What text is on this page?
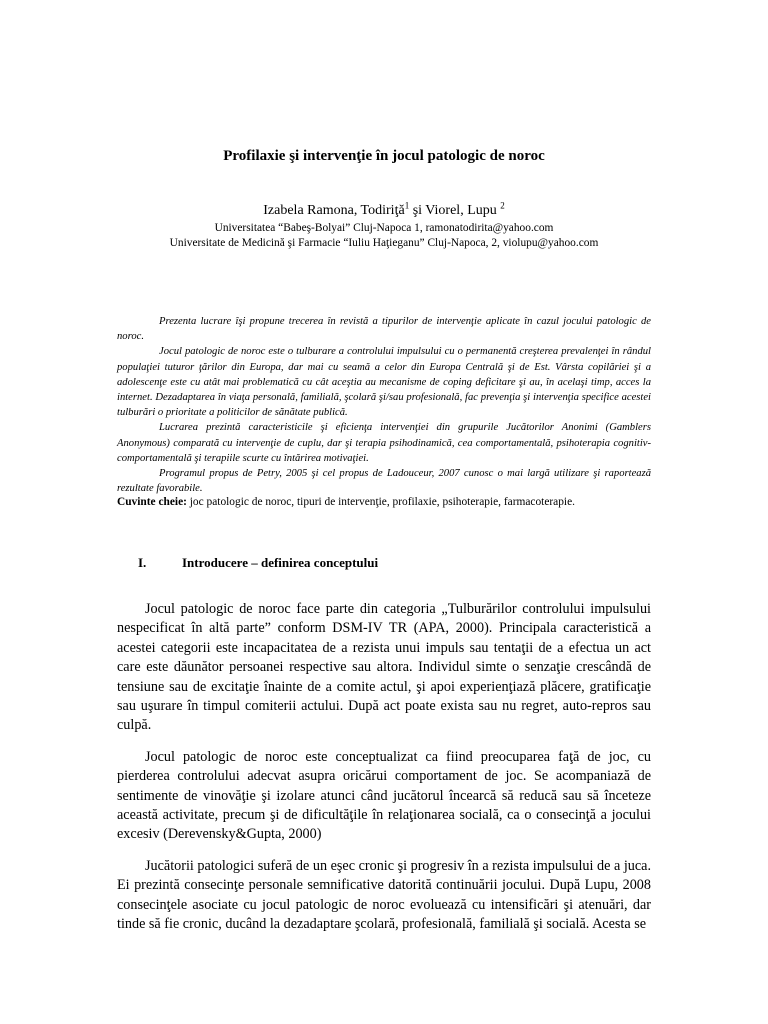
Profilaxie şi intervenţie în jocul patologic de noroc
Izabela Ramona, Todiriţă$^1$ şi Viorel, Lupu $^2$
Universitatea “Babeş-Bolyai” Cluj-Napoca 1, ramonatodirita@yahoo.com
Universitate de Medicină şi Farmacie “Iuliu Haţieganu” Cluj-Napoca, 2, violupu@yahoo.com

Prezenta lucrare îşi propune trecerea în revistă a tipurilor de intervenţie aplicate în cazul jocului patologic de noroc.

Jocul patologic de noroc este o tulburare a controlului impulsului cu o permanentă creşterea prevalenţei în rândul populaţiei tuturor ţărilor din Europa, dar mai cu seamă a celor din Europa Centrală şi de Est. Vârsta copilăriei şi a adolescenţe este cu atât mai problematică cu cât aceştia au mecanisme de coping deficitare şi au, în acelaşi timp, acces la internet. Dezadaptarea în viaţa personală, familială, şcolară şi/sau profesională, fac prevenţia şi intervenţia specifice acestei tulburări o prioritate a politicilor de sănătate publică.

Lucrarea prezintă caracteristicile şi eficienţa intervenţiei din grupurile Jucătorilor Anonimi (Gamblers Anonymous) comparată cu intervenţie de cuplu, dar şi terapia psihodinamică, cea comportamentală, psihoterapia cognitiv-comportamentală şi terapiile scurte cu întărirea motivaţiei.

Programul propus de Petry, 2005 şi cel propus de Ladouceur, 2007 cunosc o mai largă utilizare şi raportează rezultate favorabile.

Cuvinte cheie: joc patologic de noroc, tipuri de intervenţie, profilaxie, psihoterapie, farmacoterapie.
I.	Introducere – definirea conceptului

Jocul patologic de noroc face parte din categoria „Tulburărilor controlului impulsului nespecificat în altă parte” conform DSM-IV TR (APA, 2000). Principala caracteristică a acestei categorii este incapacitatea de a rezista unui impuls sau tentaţii de a efectua un act care este dăunător persoanei respective sau altora. Individul simte o senzaţie crescândă de tensiune sau de excitaţie înainte de a comite actul, şi apoi experienţiază plăcere, gratificaţie sau uşurare în timpul comiterii actului. După act poate exista sau nu regret, auto-repros sau culpă.

Jocul patologic de noroc este conceptualizat ca fiind preocuparea faţă de joc, cu pierderea controlului adecvat asupra oricărui comportament de joc. Se acompaniază de sentimente de vinovăţie şi izolare atunci când jucătorul încearcă să reducă sau să înceteze această activitate, precum şi de dificultăţile în relaţionarea socială, ca o consecinţă a jocului excesiv (Derevensky&Gupta, 2000)

Jucătorii patologici suferă de un eşec cronic şi progresiv în a rezista impulsului de a juca. Ei prezintă consecinţe personale semnificative datorită continuării jocului. După Lupu, 2008 consecinţele asociate cu jocul patologic de noroc evoluează cu intensificări şi atenuări, dar tinde să fie cronic, ducând la dezadaptare şcolară, profesională, familială şi socială. Acesta se
